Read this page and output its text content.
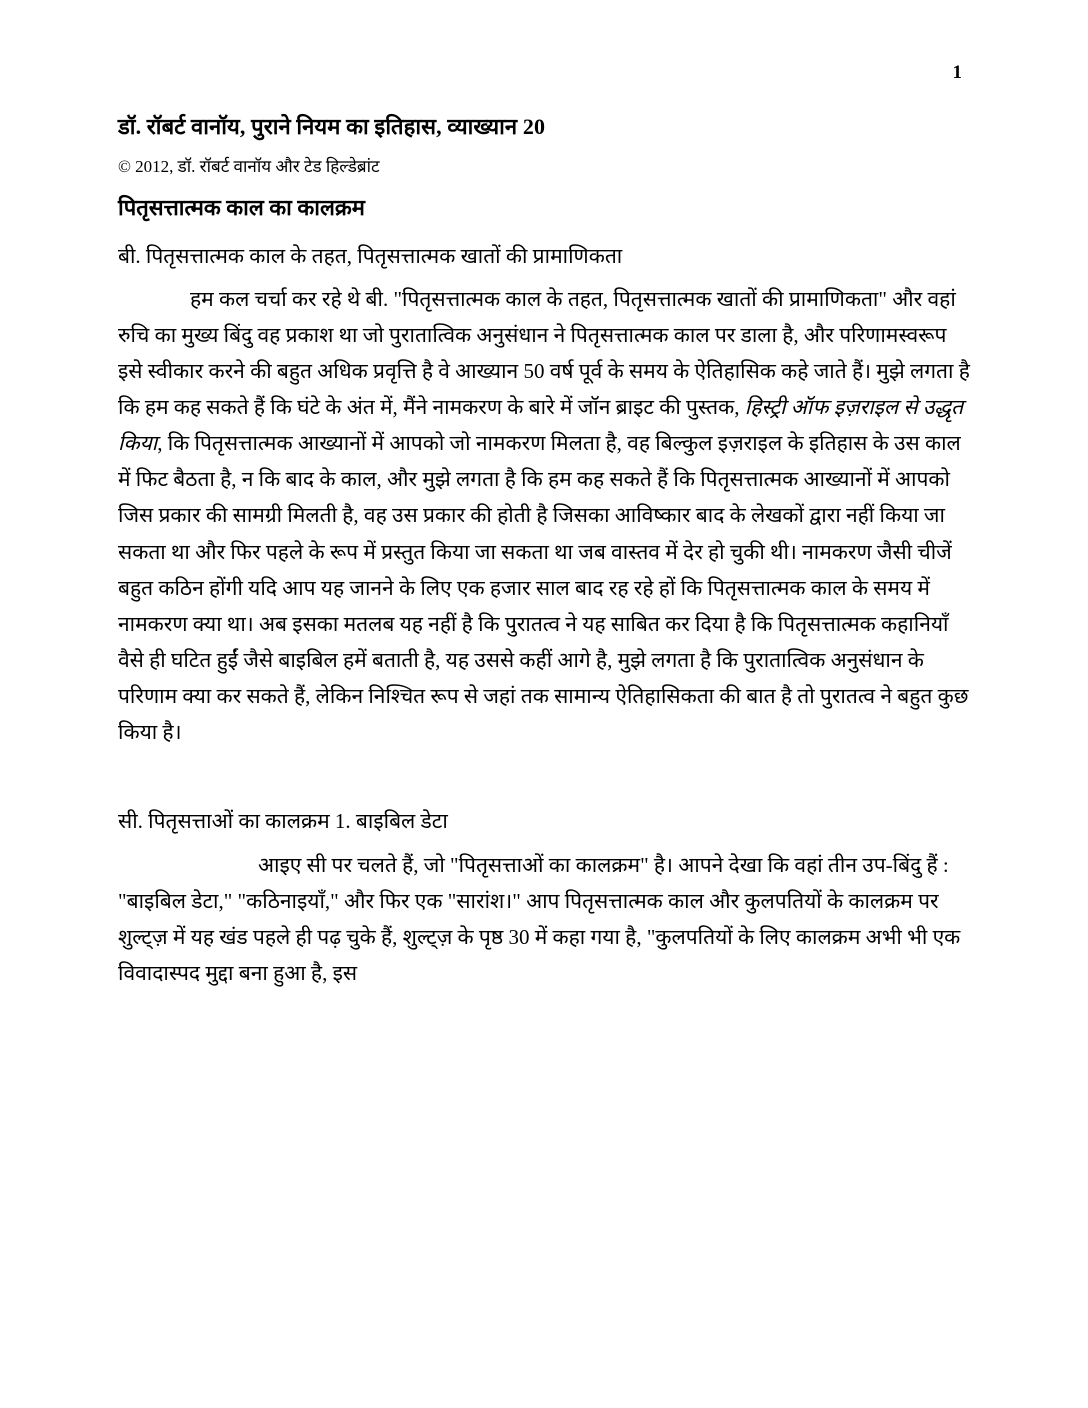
1
डॉ. रॉबर्ट वानॉय, पुराने नियम का इतिहास, व्याख्यान 20
© 2012, डॉ. रॉबर्ट वानॉय और टेड हिल्डेब्रांट
पितृसत्तात्मक काल का कालक्रम
बी. पितृसत्तात्मक काल के तहत, पितृसत्तात्मक खातों की प्रामाणिकता

हम कल चर्चा कर रहे थे बी. "पितृसत्तात्मक काल के तहत, पितृसत्तात्मक खातों की प्रामाणिकता" और वहां रुचि का मुख्य बिंदु वह प्रकाश था जो पुरातात्विक अनुसंधान ने पितृसत्तात्मक काल पर डाला है, और परिणामस्वरूप इसे स्वीकार करने की बहुत अधिक प्रवृत्ति है वे आख्यान 50 वर्ष पूर्व के समय के ऐतिहासिक कहे जाते हैं। मुझे लगता है कि हम कह सकते हैं कि घंटे के अंत में, मैंने नामकरण के बारे में जॉन ब्राइट की पुस्तक, हिस्ट्री ऑफ इज़राइल से उद्धृत किया, कि पितृसत्तात्मक आख्यानों में आपको जो नामकरण मिलता है, वह बिल्कुल इज़राइल के इतिहास के उस काल में फिट बैठता है, न कि बाद के काल, और मुझे लगता है कि हम कह सकते हैं कि पितृसत्तात्मक आख्यानों में आपको जिस प्रकार की सामग्री मिलती है, वह उस प्रकार की होती है जिसका आविष्कार बाद के लेखकों द्वारा नहीं किया जा सकता था और फिर पहले के रूप में प्रस्तुत किया जा सकता था जब वास्तव में देर हो चुकी थी। नामकरण जैसी चीजें बहुत कठिन होंगी यदि आप यह जानने के लिए एक हजार साल बाद रह रहे हों कि पितृसत्तात्मक काल के समय में नामकरण क्या था। अब इसका मतलब यह नहीं है कि पुरातत्व ने यह साबित कर दिया है कि पितृसत्तात्मक कहानियाँ वैसे ही घटित हुईं जैसे बाइबिल हमें बताती है, यह उससे कहीं आगे है, मुझे लगता है कि पुरातात्विक अनुसंधान के परिणाम क्या कर सकते हैं, लेकिन निश्चित रूप से जहां तक सामान्य ऐतिहासिकता की बात है तो पुरातत्व ने बहुत कुछ किया है।

सी. पितृसत्ताओं का कालक्रम 1. बाइबिल डेटा

आइए सी पर चलते हैं, जो "पितृसत्ताओं का कालक्रम" है। आपने देखा कि वहां तीन उप-बिंदु हैं : "बाइबिल डेटा," "कठिनाइयाँ," और फिर एक "सारांश।" आप पितृसत्तात्मक काल और कुलपतियों के कालक्रम पर शुल्ट्ज़ में यह खंड पहले ही पढ़ चुके हैं, शुल्ट्ज़ के पृष्ठ 30 में कहा गया है, "कुलपतियों के लिए कालक्रम अभी भी एक विवादास्पद मुद्दा बना हुआ है, इस
